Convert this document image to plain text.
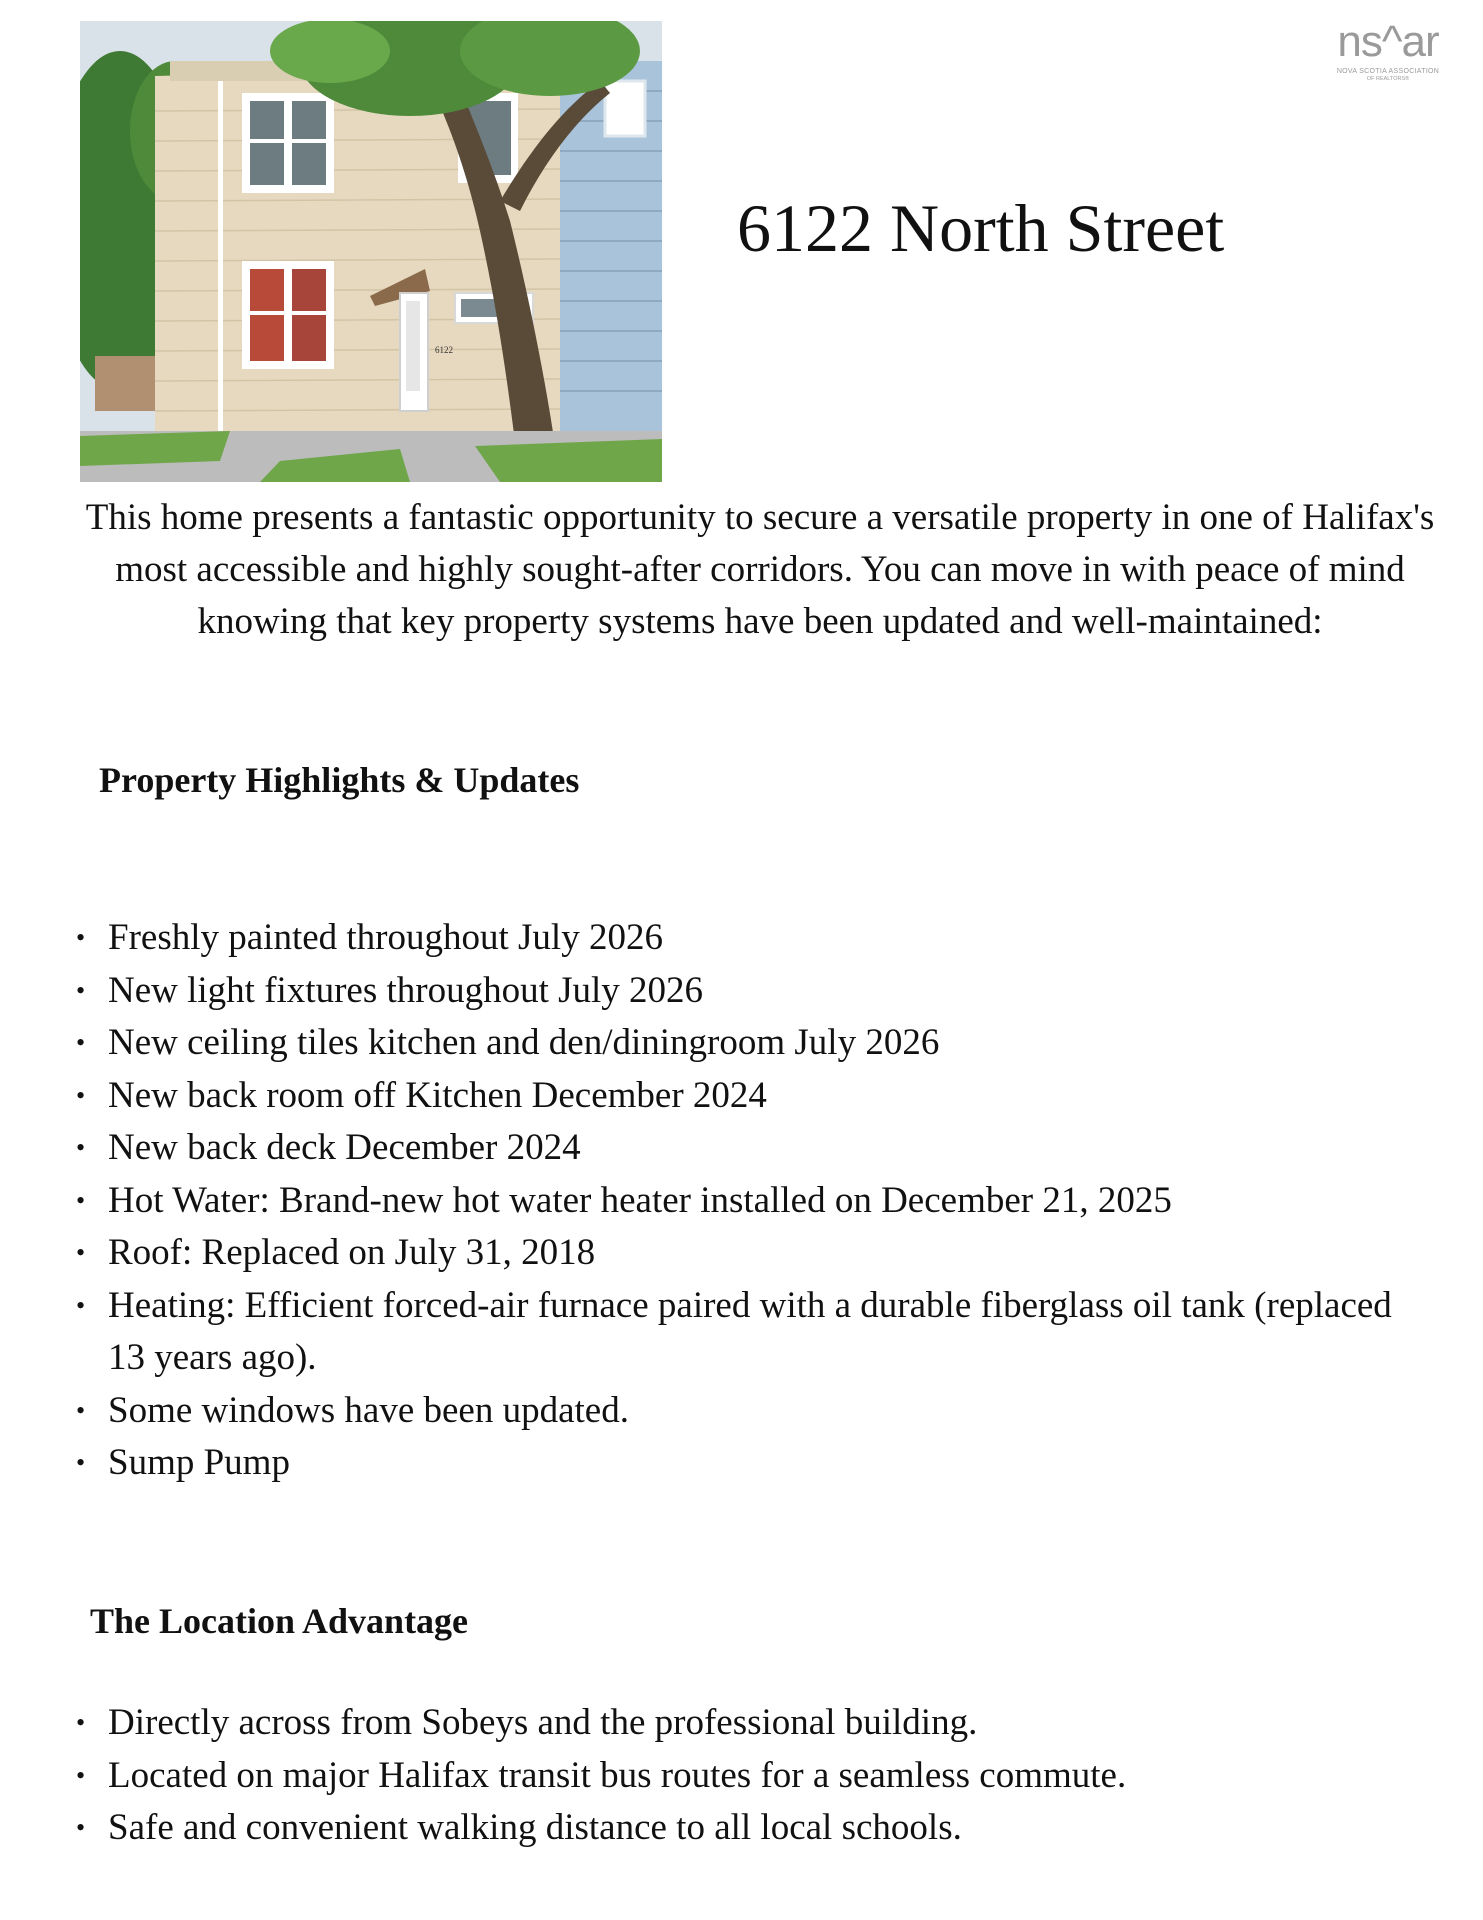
6122
ns^ar
NOVA SCOTIA ASSOCIATION
OF REALTORS®
6122 North Street

This home presents a fantastic opportunity to secure a versatile property in one of Halifax's most accessible and highly sought-after corridors. You can move in with peace of mind knowing that key property systems have been updated and well-maintained:

Property Highlights & Updates
• Freshly painted throughout July 2026
• New light fixtures throughout July 2026
• New ceiling tiles kitchen and den/diningroom July 2026
• New back room off Kitchen December 2024
• New back deck December 2024
• Hot Water: Brand-new hot water heater installed on December 21, 2025
• Roof: Replaced on July 31, 2018
• Heating: Efficient forced-air furnace paired with a durable fiberglass oil tank (replaced 13 years ago).
• Some windows have been updated.
• Sump Pump
The Location Advantage
• Directly across from Sobeys and the professional building.
• Located on major Halifax transit bus routes for a seamless commute.
• Safe and convenient walking distance to all local schools.
